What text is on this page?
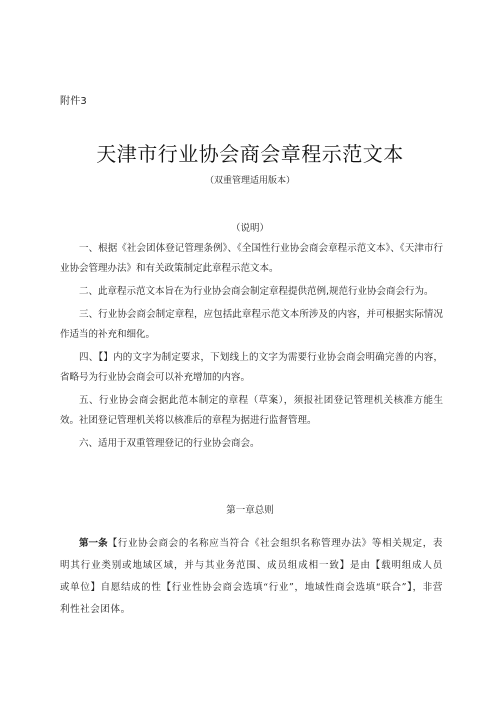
附件3
天津市行业协会商会章程示范文本
（双重管理适用版本）
（说明）
一、根据《社会团体登记管理条例》、《全国性行业协会商会章程示范文本》、《天津市行业协会管理办法》和有关政策制定此章程示范文本。
二、此章程示范文本旨在为行业协会商会制定章程提供范例,规范行业协会商会行为。
三、行业协会商会制定章程，应包括此章程示范文本所涉及的内容，并可根据实际情况作适当的补充和细化。
四、【】内的文字为制定要求，下划线上的文字为需要行业协会商会明确完善的内容，省略号为行业协会商会可以补充增加的内容。
五、行业协会商会据此范本制定的章程（草案），须报社团登记管理机关核准方能生效。社团登记管理机关将以核准后的章程为据进行监督管理。
六、适用于双重管理登记的行业协会商会。
第一章总则

第一条【行业协会商会的名称应当符合《社会组织名称管理办法》等相关规定，表明其行业类别或地域区域，并与其业务范围、成员组成相一致】是由【载明组成人员或单位】自愿结成的性【行业性协会商会选填“行业”，地域性商会选填“联合”】，非营利性社会团体。
